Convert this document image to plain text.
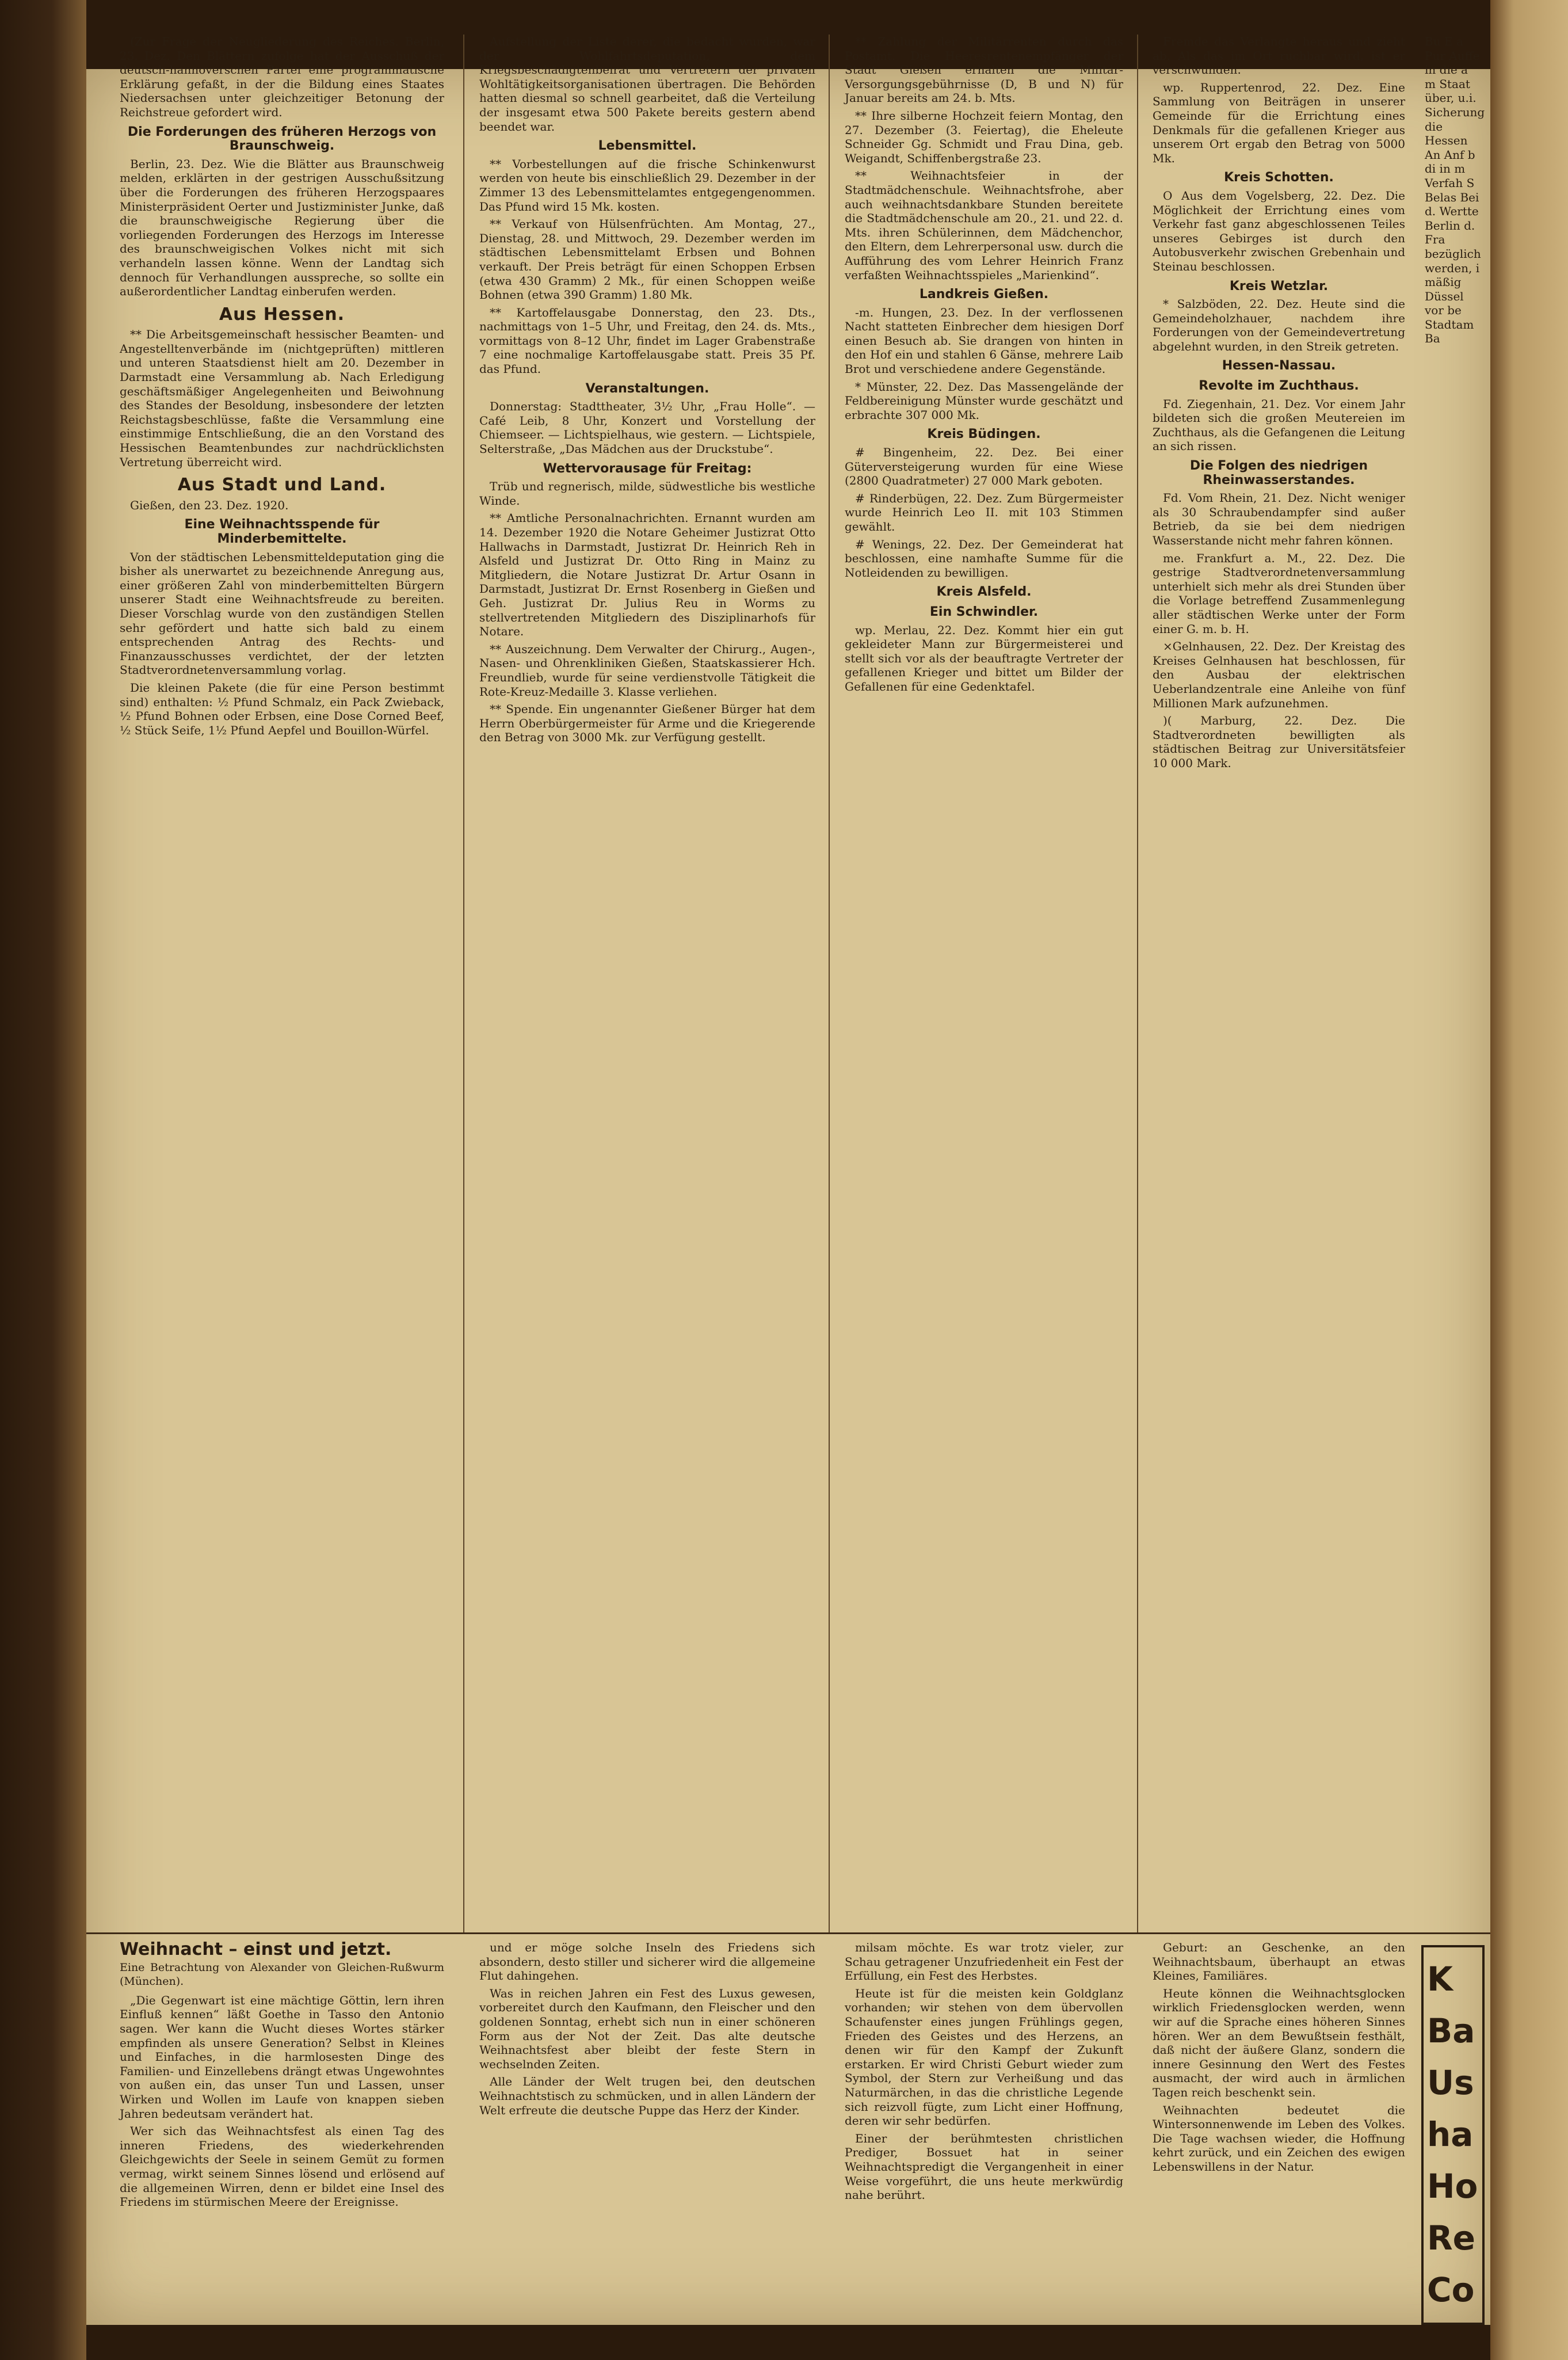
(Zur Frage der Neugliederung des Reiches. Berlin, 23. Dez. Den Blättern zufolge hat der Ausschuß der deutsch-hannoverschen Partei eine programmatische Erklärung gefaßt, in der die Bildung eines Staates Niedersachsen unter gleichzeitiger Betonung der Reichstreue gefordert wird.

Die Forderungen des früheren Herzogs von Braunschweig.

Berlin, 23. Dez. Wie die Blätter aus Braunschweig melden, erklärten in der gestrigen Ausschußsitzung über die Forderungen des früheren Herzogspaares Ministerpräsident Oerter und Justizminister Junke, daß die braunschweigische Regierung über die vorliegenden Forderungen des Herzogs im Interesse des braunschweigischen Volkes nicht mit sich verhandeln lassen könne. Wenn der Landtag sich dennoch für Verhandlungen ausspreche, so sollte ein außerordentlicher Landtag einberufen werden.

Aus Hessen.

** Die Arbeitsgemeinschaft hessischer Beamten- und Angestelltenverbände im (nichtgeprüften) mittleren und unteren Staatsdienst hielt am 20. Dezember in Darmstadt eine Versammlung ab. Nach Erledigung geschäftsmäßiger Angelegenheiten und Beiwohnung des Standes der Besoldung, insbesondere der letzten Reichstagsbeschlüsse, faßte die Versammlung eine einstimmige Entschließung, die an den Vorstand des Hessischen Beamtenbundes zur nachdrücklichsten Vertretung überreicht wird.

Aus Stadt und Land.

Gießen, den 23. Dez. 1920.

Eine Weihnachtsspende für Minderbemittelte.

Von der städtischen Lebensmitteldeputation ging die bisher als unerwartet zu bezeichnende Anregung aus, einer größeren Zahl von minderbemittelten Bürgern unserer Stadt eine Weihnachtsfreude zu bereiten. Dieser Vorschlag wurde von den zuständigen Stellen sehr gefördert und hatte sich bald zu einem entsprechenden Antrag des Rechts- und Finanzausschusses verdichtet, der der letzten Stadtverordnetenversammlung vorlag.

Die kleinen Pakete (die für eine Person bestimmt sind) enthalten: ½ Pfund Schmalz, ein Pack Zwieback, ½ Pfund Bohnen oder Erbsen, eine Dose Corned Beef, ½ Stück Seife, 1½ Pfund Aepfel und Bouillon-Würfel.

Aufstellung der Liste derer, die bedacht wurden, war der Wohlfahrtsdeputation, dem Kriegsbeschädigtenbeirat und Vertretern der privaten Wohltätigkeitsorganisationen übertragen. Die Behörden hatten diesmal so schnell gearbeitet, daß die Verteilung der insgesamt etwa 500 Pakete bereits gestern abend beendet war.

Lebensmittel.

** Vorbestellungen auf die frische Schinkenwurst werden von heute bis einschließlich 29. Dezember in der Zimmer 13 des Lebensmittelamtes entgegengenommen. Das Pfund wird 15 Mk. kosten.

** Verkauf von Hülsenfrüchten. Am Montag, 27., Dienstag, 28. und Mittwoch, 29. Dezember werden im städtischen Lebensmittelamt Erbsen und Bohnen verkauft. Der Preis beträgt für einen Schoppen Erbsen (etwa 430 Gramm) 2 Mk., für einen Schoppen weiße Bohnen (etwa 390 Gramm) 1.80 Mk.

** Kartoffelausgabe Donnerstag, den 23. Dts., nachmittags von 1–5 Uhr, und Freitag, den 24. ds. Mts., vormittags von 8–12 Uhr, findet im Lager Grabenstraße 7 eine nochmalige Kartoffelausgabe statt. Preis 35 Pf. das Pfund.

Veranstaltungen.

Donnerstag: Stadttheater, 3½ Uhr, „Frau Holle“. — Café Leib, 8 Uhr, Konzert und Vorstellung der Chiemseer. — Lichtspielhaus, wie gestern. — Lichtspiele, Selterstraße, „Das Mädchen aus der Druckstube“.

Wettervorausage für Freitag:

Trüb und regnerisch, milde, südwestliche bis westliche Winde.

** Amtliche Personalnachrichten. Ernannt wurden am 14. Dezember 1920 die Notare Geheimer Justizrat Otto Hallwachs in Darmstadt, Justizrat Dr. Heinrich Reh in Alsfeld und Justizrat Dr. Otto Ring in Mainz zu Mitgliedern, die Notare Justizrat Dr. Artur Osann in Darmstadt, Justizrat Dr. Ernst Rosenberg in Gießen und Geh. Justizrat Dr. Julius Reu in Worms zu stellvertretenden Mitgliedern des Disziplinarhofs für Notare.

** Auszeichnung. Dem Verwalter der Chirurg., Augen-, Nasen- und Ohrenkliniken Gießen, Staatskassierer Hch. Freundlieb, wurde für seine verdienstvolle Tätigkeit die Rote-Kreuz-Medaille 3. Klasse verliehen.

** Spende. Ein ungenannter Gießener Bürger hat dem Herrn Oberbürgermeister für Arme und die Kriegerende den Betrag von 3000 Mk. zur Verfügung gestellt.

** Zahlung der Militärrenten durch das Postamt. Die Heeresrentenempfänger der Stadt Gießen erhalten die Militär-Versorgungsgebührnisse (D, B und N) für Januar bereits am 24. b. Mts.

** Ihre silberne Hochzeit feiern Montag, den 27. Dezember (3. Feiertag), die Eheleute Schneider Gg. Schmidt und Frau Dina, geb. Weigandt, Schiffenbergstraße 23.

** Weihnachtsfeier in der Stadtmädchenschule. Weihnachtsfrohe, aber auch weihnachtsdankbare Stunden bereitete die Stadtmädchenschule am 20., 21. und 22. d. Mts. ihren Schülerinnen, dem Mädchenchor, den Eltern, dem Lehrerpersonal usw. durch die Aufführung des vom Lehrer Heinrich Franz verfaßten Weihnachtsspieles „Marienkind“.

Landkreis Gießen.

-m. Hungen, 23. Dez. In der verflossenen Nacht statteten Einbrecher dem hiesigen Dorf einen Besuch ab. Sie drangen von hinten in den Hof ein und stahlen 6 Gänse, mehrere Laib Brot und verschiedene andere Gegenstände.

* Münster, 22. Dez. Das Massengelände der Feldbereinigung Münster wurde geschätzt und erbrachte 307 000 Mk.

Kreis Büdingen.

# Bingenheim, 22. Dez. Bei einer Güterversteigerung wurden für eine Wiese (2800 Quadratmeter) 27 000 Mark geboten.

# Rinderbügen, 22. Dez. Zum Bürgermeister wurde Heinrich Leo II. mit 103 Stimmen gewählt.

# Wenings, 22. Dez. Der Gemeinderat hat beschlossen, eine namhafte Summe für die Notleidenden zu bewilligen.

Kreis Alsfeld.
Ein Schwindler.

wp. Merlau, 22. Dez. Kommt hier ein gut gekleideter Mann zur Bürgermeisterei und stellt sich vor als der beauftragte Vertreter der gefallenen Krieger und bittet um Bilder der Gefallenen für eine Gedenktafel.

Fremde das Verlangte heraus und zieht ab. Als das im Ort ruchbar wird, ist er verschwunden.

wp. Ruppertenrod, 22. Dez. Eine Sammlung von Beiträgen in unserer Gemeinde für die Errichtung eines Denkmals für die gefallenen Krieger aus unserem Ort ergab den Betrag von 5000 Mk.

Kreis Schotten.

O Aus dem Vogelsberg, 22. Dez. Die Möglichkeit der Errichtung eines vom Verkehr fast ganz abgeschlossenen Teiles unseres Gebirges ist durch den Autobusverkehr zwischen Grebenhain und Steinau beschlossen.

Kreis Wetzlar.

* Salzböden, 22. Dez. Heute sind die Gemeindeholzhauer, nachdem ihre Forderungen von der Gemeindevertretung abgelehnt wurden, in den Streik getreten.

Hessen-Nassau.
Revolte im Zuchthaus.

Fd. Ziegenhain, 21. Dez. Vor einem Jahr bildeten sich die großen Meutereien im Zuchthaus, als die Gefangenen die Leitung an sich rissen.

Die Folgen des niedrigen Rheinwasserstandes.

Fd. Vom Rhein, 21. Dez. Nicht weniger als 30 Schraubendampfer sind außer Betrieb, da sie bei dem niedrigen Wasserstande nicht mehr fahren können.

me. Frankfurt a. M., 22. Dez. Die gestrige Stadtverordnetenversammlung unterhielt sich mehr als drei Stunden über die Vorlage betreffend Zusammenlegung aller städtischen Werke unter der Form einer G. m. b. H.

×Gelnhausen, 22. Dez. Der Kreistag des Kreises Gelnhausen hat beschlossen, für den Ausbau der elektrischen Ueberlandzentrale eine Anleihe von fünf Millionen Mark aufzunehmen.

)( Marburg, 22. Dez. Die Stadtverordneten bewilligten als städtischen Beitrag zur Universitätsfeier 10 000 Mark.

Bu E a Pur Auffe in die a m Staat über, u.i. Sicherung die Hessen An Anf b di in m Verfah S Belas Bei d. Wertte Berlin d. Fra bezüglich werden, i mäßig Düssel vor be Stadtam Ba
Weihnacht – einst und jetzt.
Eine Betrachtung von Alexander von Gleichen-Rußwurm (München).

„Die Gegenwart ist eine mächtige Göttin, lern ihren Einfluß kennen“ läßt Goethe in Tasso den Antonio sagen. Wer kann die Wucht dieses Wortes stärker empfinden als unsere Generation? Selbst in Kleines und Einfaches, in die harmlosesten Dinge des Familien- und Einzellebens drängt etwas Ungewohntes von außen ein, das unser Tun und Lassen, unser Wirken und Wollen im Laufe von knappen sieben Jahren bedeutsam verändert hat.

Wer sich das Weihnachtsfest als einen Tag des inneren Friedens, des wiederkehrenden Gleichgewichts der Seele in seinem Gemüt zu formen vermag, wirkt seinem Sinnes lösend und erlösend auf die allgemeinen Wirren, denn er bildet eine Insel des Friedens im stürmischen Meere der Ereignisse.

und er möge solche Inseln des Friedens sich absondern, desto stiller und sicherer wird die allgemeine Flut dahingehen.

Was in reichen Jahren ein Fest des Luxus gewesen, vorbereitet durch den Kaufmann, den Fleischer und den goldenen Sonntag, erhebt sich nun in einer schöneren Form aus der Not der Zeit. Das alte deutsche Weihnachtsfest aber bleibt der feste Stern in wechselnden Zeiten.

Alle Länder der Welt trugen bei, den deutschen Weihnachtstisch zu schmücken, und in allen Ländern der Welt erfreute die deutsche Puppe das Herz der Kinder.

milsam möchte. Es war trotz vieler, zur Schau getragener Unzufriedenheit ein Fest der Erfüllung, ein Fest des Herbstes.

Heute ist für die meisten kein Goldglanz vorhanden; wir stehen von dem übervollen Schaufenster eines jungen Frühlings gegen, Frieden des Geistes und des Herzens, an denen wir für den Kampf der Zukunft erstarken. Er wird Christi Geburt wieder zum Symbol, der Stern zur Verheißung und das Naturmärchen, in das die christliche Legende sich reizvoll fügte, zum Licht einer Hoffnung, deren wir sehr bedürfen.

Einer der berühmtesten christlichen Prediger, Bossuet hat in seiner Weihnachtspredigt die Vergangenheit in einer Weise vorgeführt, die uns heute merkwürdig nahe berührt.

Geburt: an Geschenke, an den Weihnachtsbaum, überhaupt an etwas Kleines, Familiäres.

Heute können die Weihnachtsglocken wirklich Friedensglocken werden, wenn wir auf die Sprache eines höheren Sinnes hören. Wer an dem Bewußtsein festhält, daß nicht der äußere Glanz, sondern die innere Gesinnung den Wert des Festes ausmacht, der wird auch in ärmlichen Tagen reich beschenkt sein.

Weihnachten bedeutet die Wintersonnenwende im Leben des Volkes. Die Tage wachsen wieder, die Hoffnung kehrt zurück, und ein Zeichen des ewigen Lebenswillens in der Natur.

K Ba Us ha Ho Re Co
